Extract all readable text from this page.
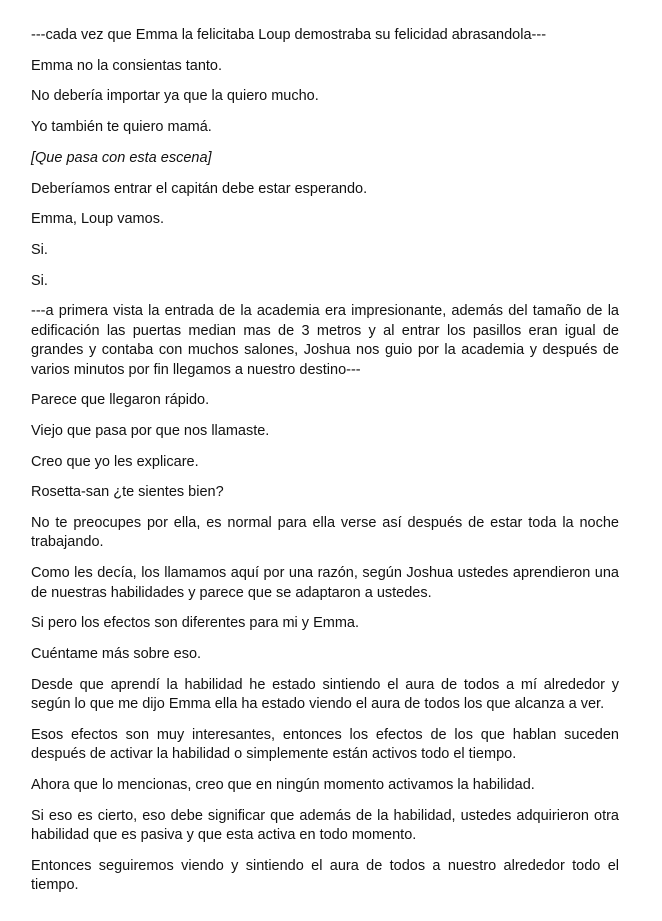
---cada vez que Emma la felicitaba Loup demostraba su felicidad abrasandola---

Emma no la consientas tanto.

No debería importar ya que la quiero mucho.

Yo también te quiero mamá.

[Que pasa con esta escena]

Deberíamos entrar el capitán debe estar esperando.

Emma, Loup vamos.

Si.

Si.

---a primera vista la entrada de la academia era impresionante, además del tamaño de la edificación las puertas median mas de 3 metros y al entrar los pasillos eran igual de grandes y contaba con muchos salones, Joshua nos guio por la academia y después de varios minutos por fin llegamos a nuestro destino---

Parece que llegaron rápido.

Viejo que pasa por que nos llamaste.

Creo que yo les explicare.

Rosetta-san ¿te sientes bien?

No te preocupes por ella, es normal para ella verse así después de estar toda la noche trabajando.

Como les decía, los llamamos aquí por una razón, según Joshua ustedes aprendieron una de nuestras habilidades y parece que se adaptaron a ustedes.

Si pero los efectos son diferentes para mi y Emma.

Cuéntame más sobre eso.

Desde que aprendí la habilidad he estado sintiendo el aura de todos a mí alrededor y según lo que me dijo Emma ella ha estado viendo el aura de todos los que alcanza a ver.

Esos efectos son muy interesantes, entonces los efectos de los que hablan suceden después de activar la habilidad o simplemente están activos todo el tiempo.

Ahora que lo mencionas, creo que en ningún momento activamos la habilidad.

Si eso es cierto, eso debe significar que además de la habilidad, ustedes adquirieron otra habilidad que es pasiva y que esta activa en todo momento.

Entonces seguiremos viendo y sintiendo el aura de todos a nuestro alrededor todo el tiempo.
